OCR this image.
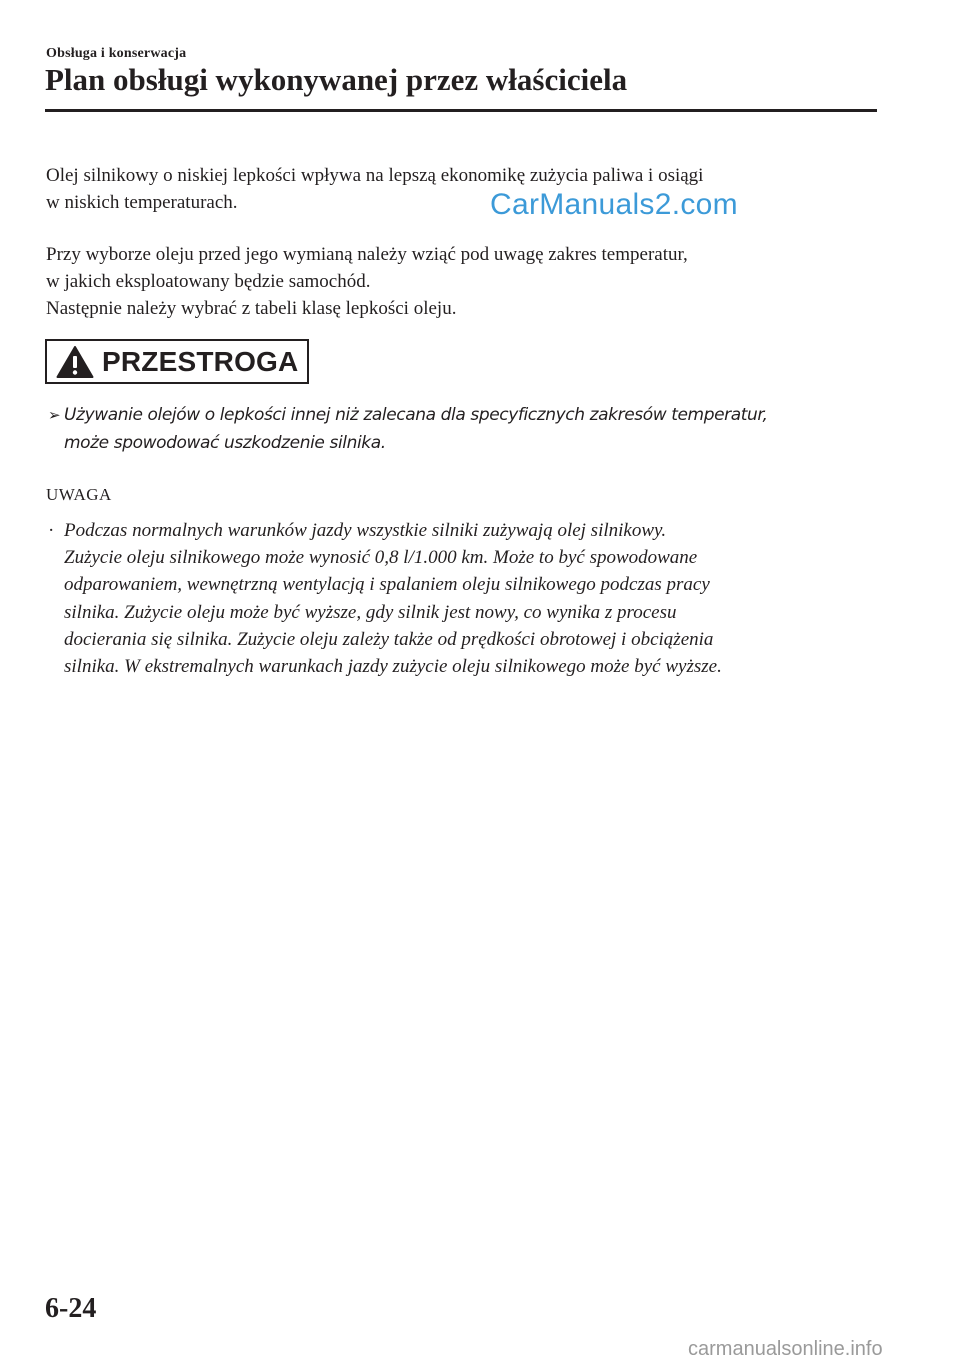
Obsługa i konserwacja
Plan obsługi wykonywanej przez właściciela

Olej silnikowy o niskiej lepkości wpływa na lepszą ekonomikę zużycia paliwa i osiągi
w niskich temperaturach.	CarManuals2.com

Przy wyborze oleju przed jego wymianą należy wziąć pod uwagę zakres temperatur,
w jakich eksploatowany będzie samochód.
Następnie należy wybrać z tabeli klasę lepkości oleju.

PRZESTROGA
➢ Używanie olejów o lepkości innej niż zalecana dla specyficznych zakresów temperatur,
może spowodować uszkodzenie silnika.
UWAGA
· Podczas normalnych warunków jazdy wszystkie silniki zużywają olej silnikowy.
Zużycie oleju silnikowego może wynosić 0,8 l/1.000 km. Może to być spowodowane
odparowaniem, wewnętrzną wentylacją i spalaniem oleju silnikowego podczas pracy
silnika. Zużycie oleju może być wyższe, gdy silnik jest nowy, co wynika z procesu
docierania się silnika. Zużycie oleju zależy także od prędkości obrotowej i obciążenia
silnika. W ekstremalnych warunkach jazdy zużycie oleju silnikowego może być wyższe.
6-24
carmanualsonline.info
